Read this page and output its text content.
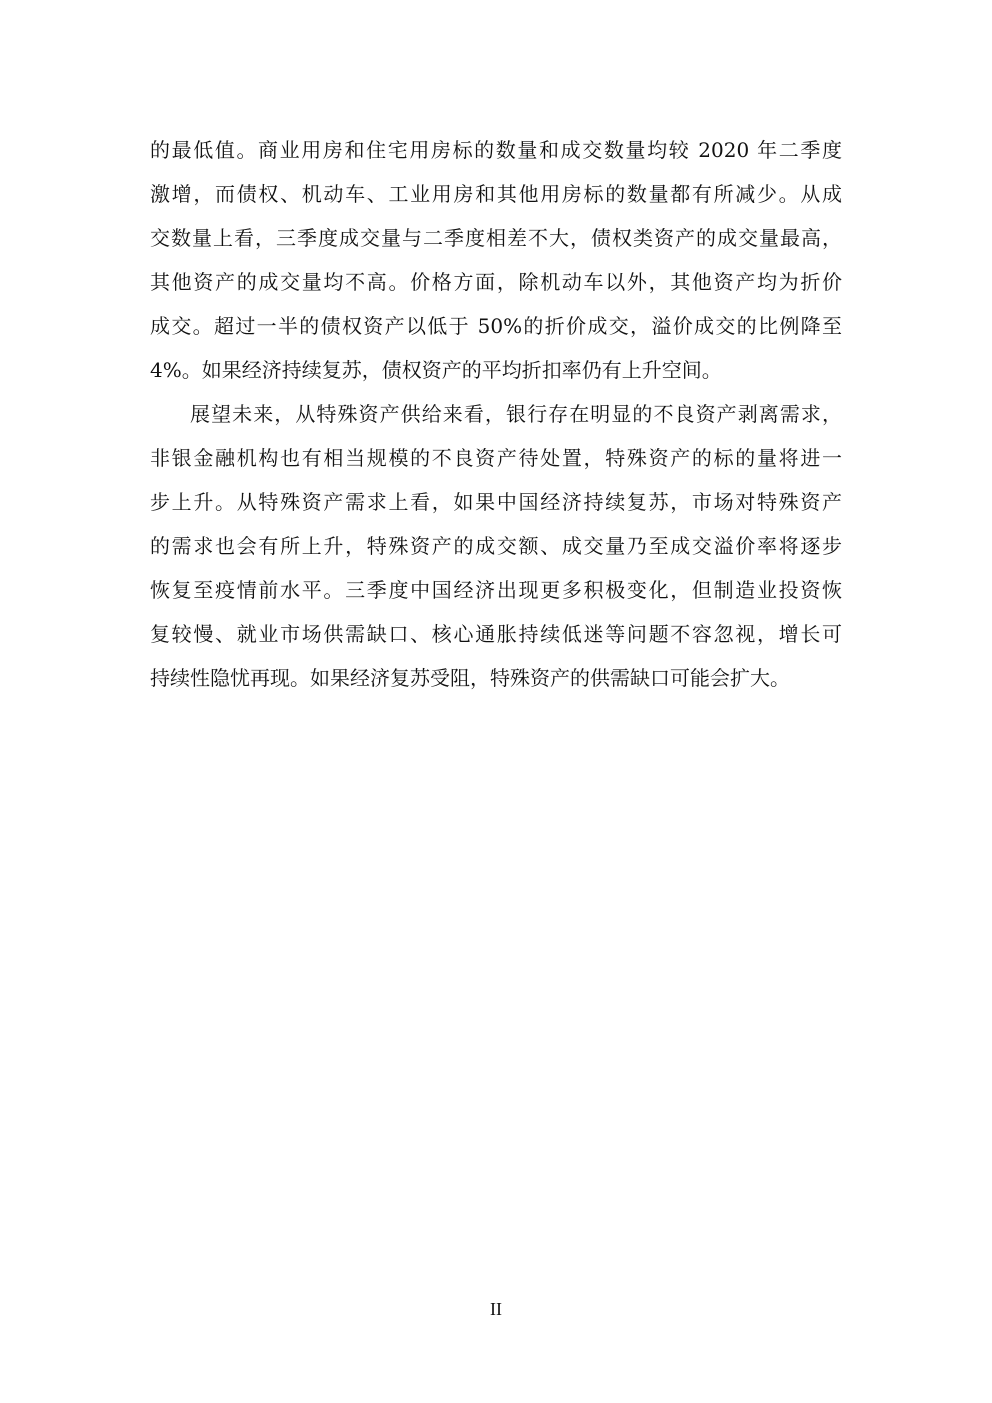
的最低值。商业用房和住宅用房标的数量和成交数量均较 2020 年二季度
激增，而债权、机动车、工业用房和其他用房标的数量都有所减少。从成
交数量上看，三季度成交量与二季度相差不大，债权类资产的成交量最高，
其他资产的成交量均不高。价格方面，除机动车以外，其他资产均为折价
成交。超过一半的债权资产以低于 50%的折价成交，溢价成交的比例降至
4%。如果经济持续复苏，债权资产的平均折扣率仍有上升空间。
展望未来，从特殊资产供给来看，银行存在明显的不良资产剥离需求，
非银金融机构也有相当规模的不良资产待处置，特殊资产的标的量将进一
步上升。从特殊资产需求上看，如果中国经济持续复苏，市场对特殊资产
的需求也会有所上升，特殊资产的成交额、成交量乃至成交溢价率将逐步
恢复至疫情前水平。三季度中国经济出现更多积极变化，但制造业投资恢
复较慢、就业市场供需缺口、核心通胀持续低迷等问题不容忽视，增长可
持续性隐忧再现。如果经济复苏受阻，特殊资产的供需缺口可能会扩大。
II
